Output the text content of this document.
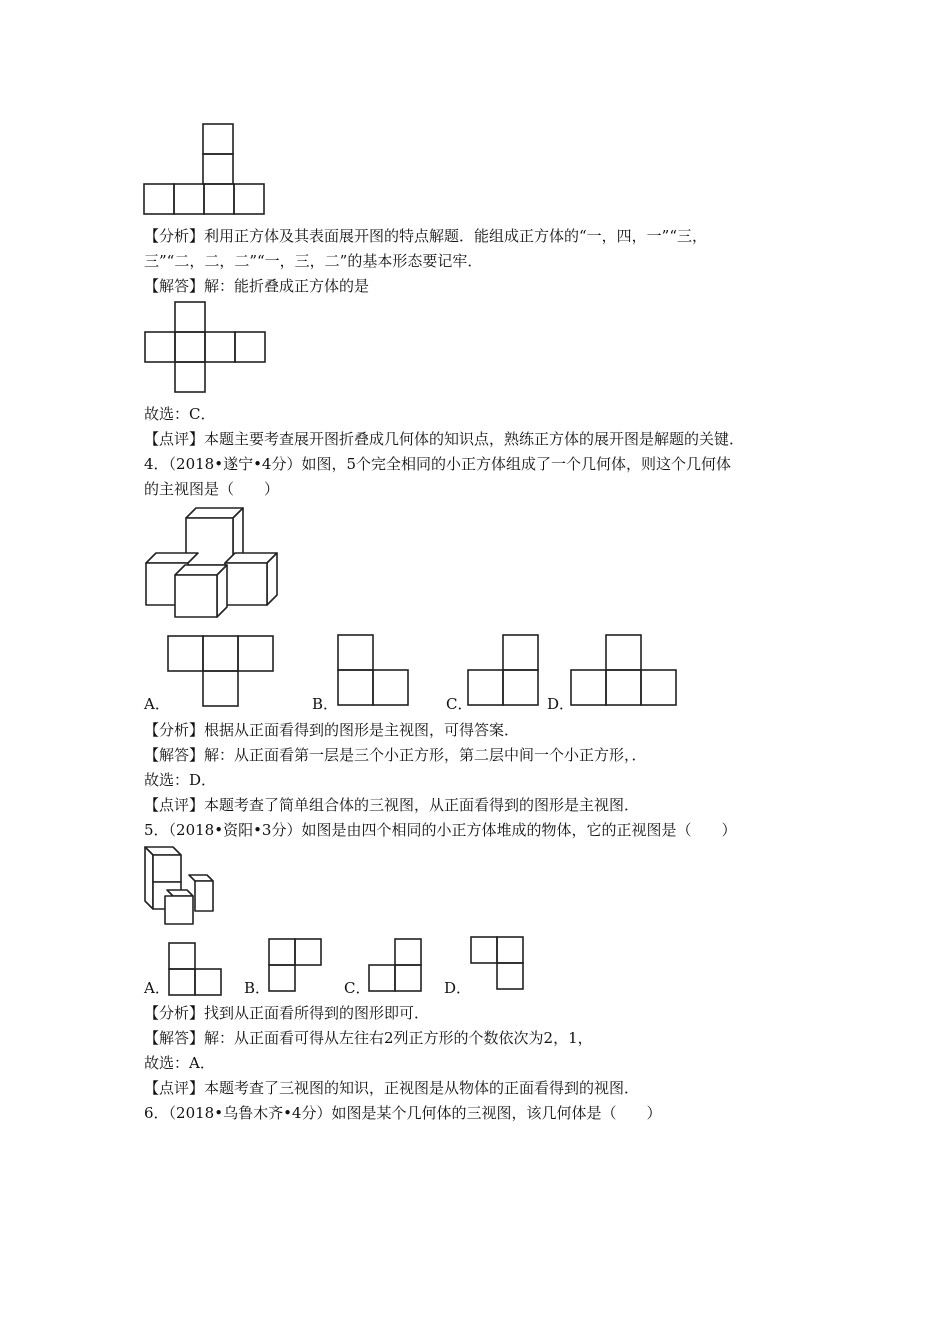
【分析】利用正方体及其表面展开图的特点解题．能组成正方体的“一，四，一”“三，
三”“二，二，二”“一，三，二”的基本形态要记牢．
【解答】解：能折叠成正方体的是
故选：C．
【点评】本题主要考查展开图折叠成几何体的知识点，熟练正方体的展开图是解题的关键．
4．（2018•遂宁•4分）如图，5个完全相同的小正方体组成了一个几何体，则这个几何体
的主视图是（　　）
A．	B．	C．	D．
【分析】根据从正面看得到的图形是主视图，可得答案．
【解答】解：从正面看第一层是三个小正方形，第二层中间一个小正方形，．
故选：D．
【点评】本题考查了简单组合体的三视图，从正面看得到的图形是主视图．
5．（2018•资阳•3分）如图是由四个相同的小正方体堆成的物体，它的正视图是（　　）
A．	B．	C．	D．
【分析】找到从正面看所得到的图形即可．
【解答】解：从正面看可得从左往右2列正方形的个数依次为2，1，
故选：A．
【点评】本题考查了三视图的知识，正视图是从物体的正面看得到的视图．
6．（2018•乌鲁木齐•4分）如图是某个几何体的三视图，该几何体是（　　）
